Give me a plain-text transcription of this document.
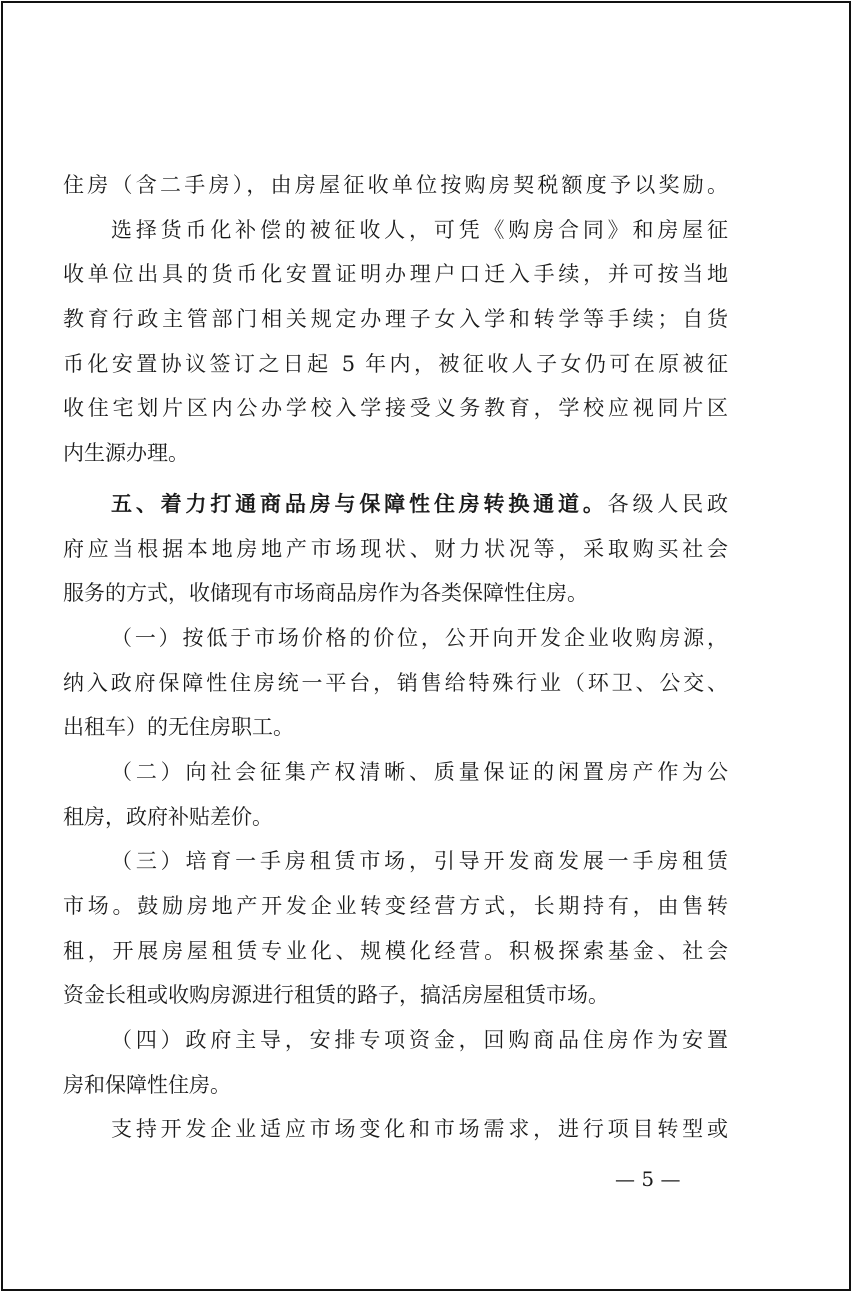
住房（含二手房），由房屋征收单位按购房契税额度予以奖励。
选择货币化补偿的被征收人，可凭《购房合同》和房屋征
收单位出具的货币化安置证明办理户口迁入手续，并可按当地
教育行政主管部门相关规定办理子女入学和转学等手续；自货
币化安置协议签订之日起 5 年内，被征收人子女仍可在原被征
收住宅划片区内公办学校入学接受义务教育，学校应视同片区
内生源办理。
五、着力打通商品房与保障性住房转换通道。各级人民政
府应当根据本地房地产市场现状、财力状况等，采取购买社会
服务的方式，收储现有市场商品房作为各类保障性住房。
（一）按低于市场价格的价位，公开向开发企业收购房源，
纳入政府保障性住房统一平台，销售给特殊行业（环卫、公交、
出租车）的无住房职工。
（二）向社会征集产权清晰、质量保证的闲置房产作为公
租房，政府补贴差价。
（三）培育一手房租赁市场，引导开发商发展一手房租赁
市场。鼓励房地产开发企业转变经营方式，长期持有，由售转
租，开展房屋租赁专业化、规模化经营。积极探索基金、社会
资金长租或收购房源进行租赁的路子，搞活房屋租赁市场。
（四）政府主导，安排专项资金，回购商品住房作为安置
房和保障性住房。
支持开发企业适应市场变化和市场需求，进行项目转型或
— 5 —
